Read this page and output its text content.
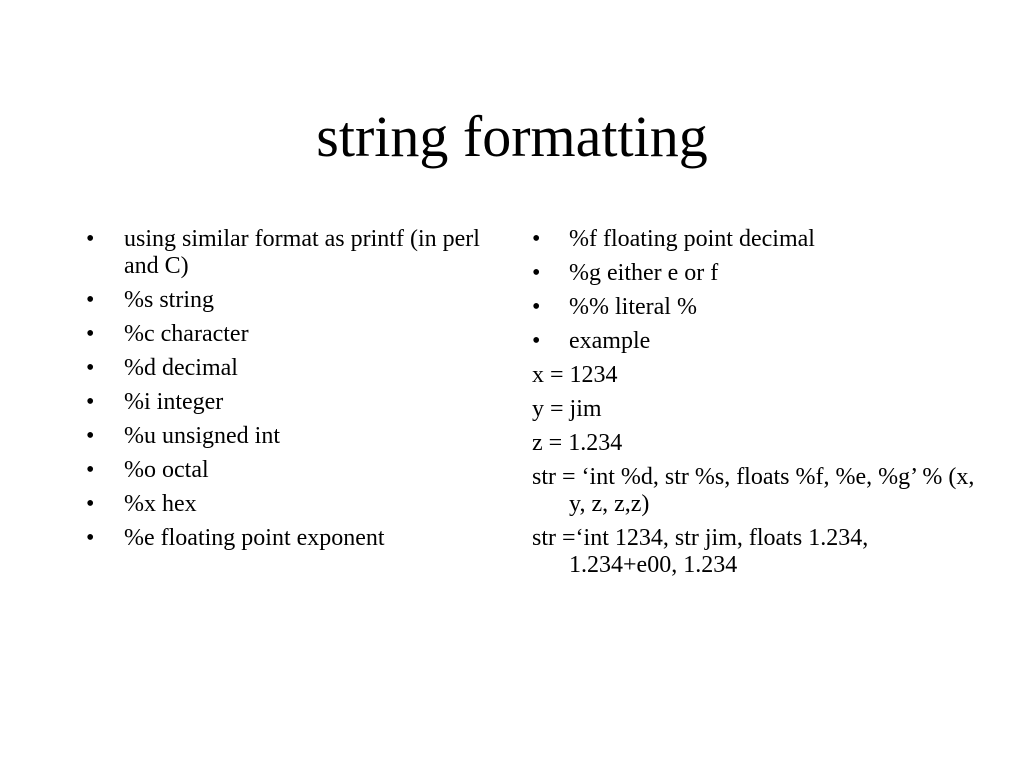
string formatting
•	using similar format as printf (in perl and C)
•	%s string
•	%c character
•	%d decimal
•	%i integer
•	%u unsigned int
•	%o octal
•	%x hex
•	%e floating point exponent
•	%f floating point decimal
•	%g either e or f
•	%% literal %
•	example
x = 1234
y = jim
z = 1.234
str = ‘int %d, str %s, floats %f, %e, %g’ % (x, y, z, z,z)
str =‘int 1234, str jim, floats 1.234, 1.234+e00, 1.234
